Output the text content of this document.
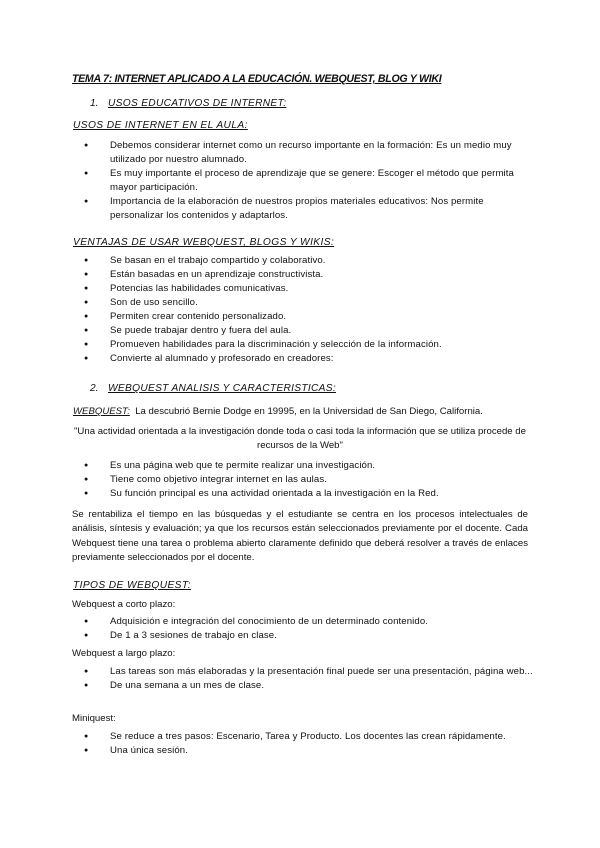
TEMA 7: INTERNET APLICADO A LA EDUCACIÓN. WEBQUEST, BLOG Y WIKI
1. USOS EDUCATIVOS DE INTERNET:
USOS DE INTERNET EN EL AULA:
● Debemos considerar internet como un recurso importante en la formación: Es un medio muy utilizado por nuestro alumnado.
● Es muy importante el proceso de aprendizaje que se genere: Escoger el método que permita mayor participación.
● Importancia de la elaboración de nuestros propios materiales educativos: Nos permite personalizar los contenidos y adaptarlos.
VENTAJAS DE USAR WEBQUEST, BLOGS Y WIKIS:
● Se basan en el trabajo compartido y colaborativo.
● Están basadas en un aprendizaje constructivista.
● Potencias las habilidades comunicativas.
● Son de uso sencillo.
● Permiten crear contenido personalizado.
● Se puede trabajar dentro y fuera del aula.
● Promueven habilidades para la discriminación y selección de la información.
● Convierte al alumnado y profesorado en creadores:
2. WEBQUEST ANALISIS Y CARACTERISTICAS:
WEBQUEST: La descubrió Bernie Dodge en 19995, en la Universidad de San Diego, California.
"Una actividad orientada a la investigación donde toda o casi toda la información que se utiliza procede de recursos de la Web"
● Es una página web que te permite realizar una investigación.
● Tiene como objetivo integrar internet en las aulas.
● Su función principal es una actividad orientada a la investigación en la Red.
Se rentabiliza el tiempo en las búsquedas y el estudiante se centra en los procesos intelectuales de análisis, síntesis y evaluación; ya que los recursos están seleccionados previamente por el docente. Cada Webquest tiene una tarea o problema abierto claramente definido que deberá resolver a través de enlaces previamente seleccionados por el docente.
TIPOS DE WEBQUEST:
Webquest a corto plazo:
● Adquisición e integración del conocimiento de un determinado contenido.
● De 1 a 3 sesiones de trabajo en clase.
Webquest a largo plazo:
● Las tareas son más elaboradas y la presentación final puede ser una presentación, página web...
● De una semana a un mes de clase.
Miniquest:
● Se reduce a tres pasos: Escenario, Tarea y Producto. Los docentes las crean rápidamente.
● Una única sesión.
